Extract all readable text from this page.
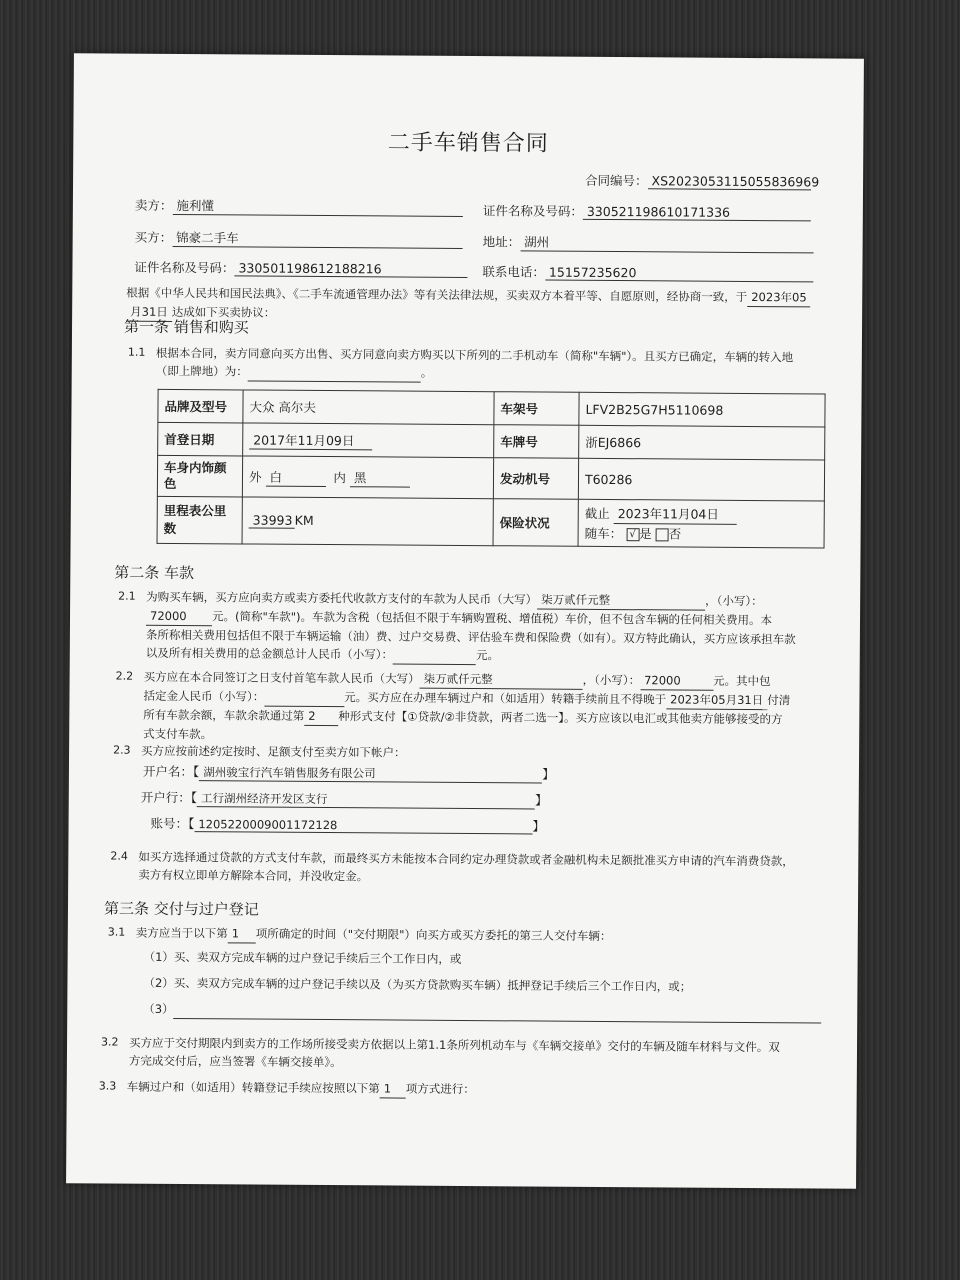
二手车销售合同
合同编号： XS2023053115055836969
卖方： 施利懂	证件名称及号码： 330521198610171336
买方： 锦豪二手车	地址： 湖州
证件名称及号码： 330501198612188216	联系电话： 15157235620
根据《中华人民共和国民法典》、《二手车流通管理办法》等有关法律法规，买卖双方本着平等、自愿原则，经协商一致，于 2023年05
月31日 达成如下买卖协议：
第一条 销售和购买
1.1 根据本合同，卖方同意向买方出售、买方同意向卖方购买以下所列的二手机动车（简称"车辆"）。且买方已确定，车辆的转入地
（即上牌地）为：	。
品牌及型号	大众 高尔夫	车架号	LFV2B25G7H5110698
首登日期	2017年11月09日	车牌号	浙EJ6866
车身内饰颜色	外 白 内 黑	发动机号	T60286
里程表公里数	33993 KM	保险状况	截止 2023年11月04日
随车： √ 是 否
第二条 车款
2.1 为购买车辆，买方应向卖方或卖方委托代收款方支付的车款为人民币（大写） 柒万贰仟元整	，（小写）：
72000 元。(简称"车款")。车款为含税（包括但不限于车辆购置税、增值税）车价，但不包含车辆的任何相关费用。本
条所称相关费用包括但不限于车辆运输（油）费、过户交易费、评估验车费和保险费（如有）。双方特此确认，买方应该承担车款
以及所有相关费用的总金额总计人民币（小写）：	元。
2.2 买方应在本合同签订之日支付首笔车款人民币（大写） 柒万贰仟元整	，（小写）： 72000	元。其中包
括定金人民币（小写）：	元。买方应在办理车辆过户和（如适用）转籍手续前且不得晚于 2023年05月31日 付清
所有车款余额，车款余款通过第 2 种形式支付【①贷款/②非贷款，两者二选一】。买方应该以电汇或其他卖方能够接受的方
式支付车款。
2.3 买方应按前述约定按时、足额支付至卖方如下帐户：
开户名：【 湖州骏宝行汽车销售服务有限公司	】
开户行：【 工行湖州经济开发区支行	】
账号：【 1205220009001172128	】
2.4 如买方选择通过贷款的方式支付车款，而最终买方未能按本合同约定办理贷款或者金融机构未足额批准买方申请的汽车消费贷款，
卖方有权立即单方解除本合同，并没收定金。
第三条 交付与过户登记
3.1 卖方应当于以下第 1 项所确定的时间（"交付期限"）向买方或买方委托的第三人交付车辆：
（1）买、卖双方完成车辆的过户登记手续后三个工作日内，或
（2）买、卖双方完成车辆的过户登记手续以及（为买方贷款购买车辆）抵押登记手续后三个工作日内，或；
（3）
3.2 买方应于交付期限内到卖方的工作场所接受卖方依据以上第1.1条所列机动车与《车辆交接单》交付的车辆及随车材料与文件。双
方完成交付后，应当签署《车辆交接单》。
3.3 车辆过户和（如适用）转籍登记手续应按照以下第 1 项方式进行：
